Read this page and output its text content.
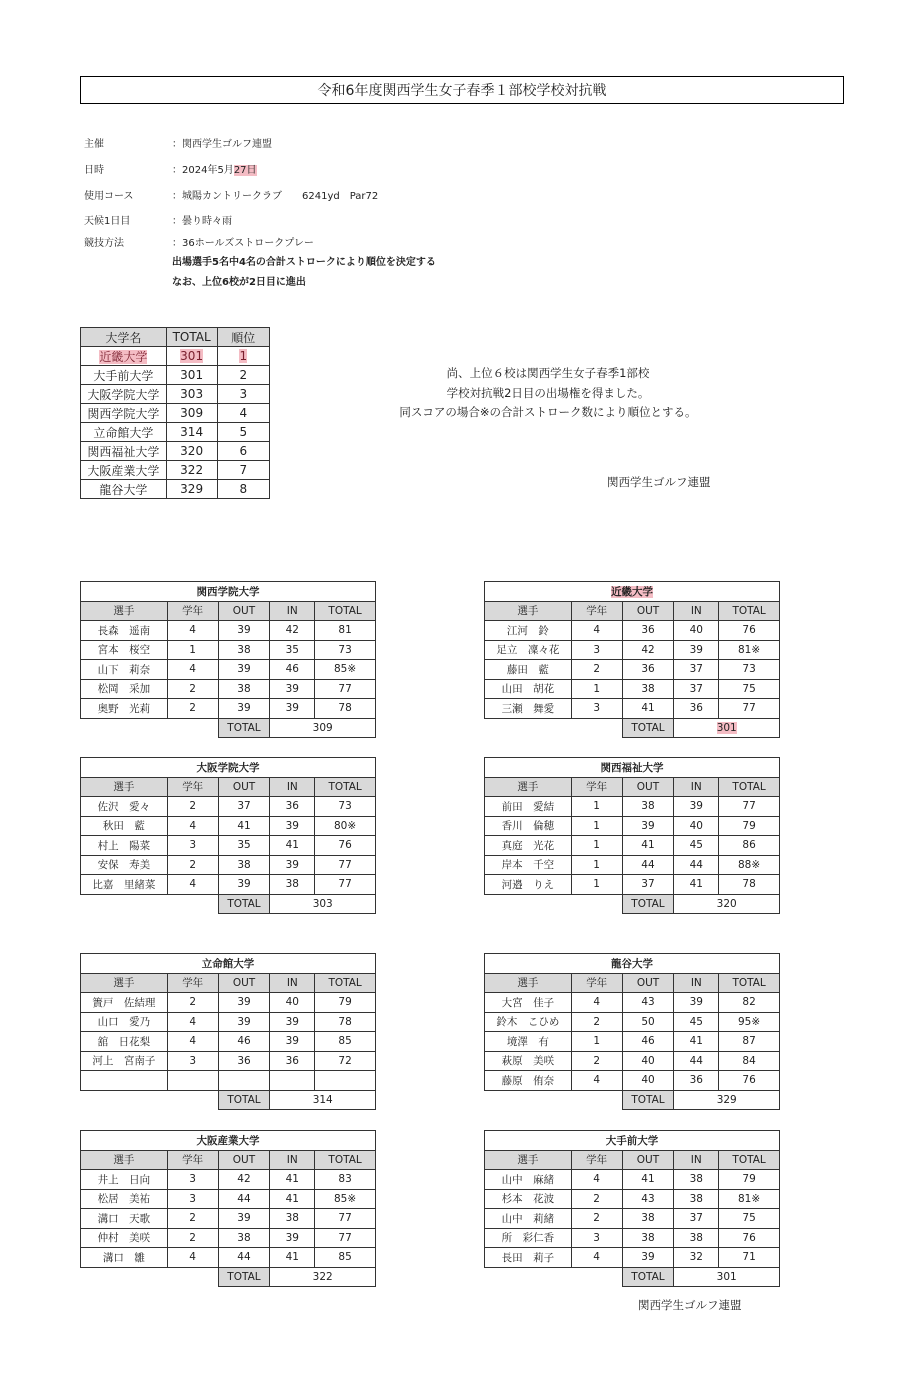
令和6年度関西学生女子春季１部校学校対抗戦
主催	：関西学生ゴルフ連盟
日時	：2024年5月27日
使用コース	：城陽カントリークラブ　　6241yd　Par72
天候1日目	：曇り時々雨
競技方法	：36ホールズストロークプレー
出場選手5名中4名の合計ストロークにより順位を決定する
なお、上位6校が2日目に進出
大学名	TOTAL	順位
近畿大学	301	1
大手前大学	301	2
大阪学院大学	303	3
関西学院大学	309	4
立命館大学	314	5
関西福祉大学	320	6
大阪産業大学	322	7
龍谷大学	329	8
尚、上位６校は関西学生女子春季1部校
学校対抗戦2日目の出場権を得ました。
同スコアの場合※の合計ストローク数により順位とする。
関西学生ゴルフ連盟
関西学院大学				
選手	学年	OUT	IN	TOTAL
長森　遥南	4	39	42	81
宮本　桜空	1	38	35	73
山下　莉奈	4	39	46	85※
松岡　采加	2	38	39	77
奥野　光莉	2	39	39	78
		TOTAL	309	
近畿大学				
選手	学年	OUT	IN	TOTAL
江河　鈴	4	36	40	76
足立　凜々花	3	42	39	81※
藤田　藍	2	36	37	73
山田　胡花	1	38	37	75
三瀬　舞愛	3	41	36	77
		TOTAL	301	
大阪学院大学				
選手	学年	OUT	IN	TOTAL
佐沢　愛々	2	37	36	73
秋田　藍	4	41	39	80※
村上　陽菜	3	35	41	76
安保　寿美	2	38	39	77
比嘉　里緒菜	4	39	38	77
		TOTAL	303	
関西福祉大学				
選手	学年	OUT	IN	TOTAL
前田　愛結	1	38	39	77
香川　倫穂	1	39	40	79
真庭　光花	1	41	45	86
岸本　千空	1	44	44	88※
河邉　りえ	1	37	41	78
		TOTAL	320	
立命館大学				
選手	学年	OUT	IN	TOTAL
簀戸　佐結理	2	39	40	79
山口　愛乃	4	39	39	78
舘　日花梨	4	46	39	85
河上　宮南子	3	36	36	72

		TOTAL	314	
龍谷大学				
選手	学年	OUT	IN	TOTAL
大宮　佳子	4	43	39	82
鈴木　こひめ	2	50	45	95※
境澤　有	1	46	41	87
萩原　美咲	2	40	44	84
藤原　侑奈	4	40	36	76
		TOTAL	329	
大阪産業大学				
選手	学年	OUT	IN	TOTAL
井上　日向	3	42	41	83
松居　美祐	3	44	41	85※
溝口　天歌	2	39	38	77
仲村　美咲	2	38	39	77
溝口　雛	4	44	41	85
		TOTAL	322	
大手前大学				
選手	学年	OUT	IN	TOTAL
山中　麻緒	4	41	38	79
杉本　花波	2	43	38	81※
山中　莉緒	2	38	37	75
所　彩仁香	3	38	38	76
長田　莉子	4	39	32	71
		TOTAL	301	
関西学生ゴルフ連盟
